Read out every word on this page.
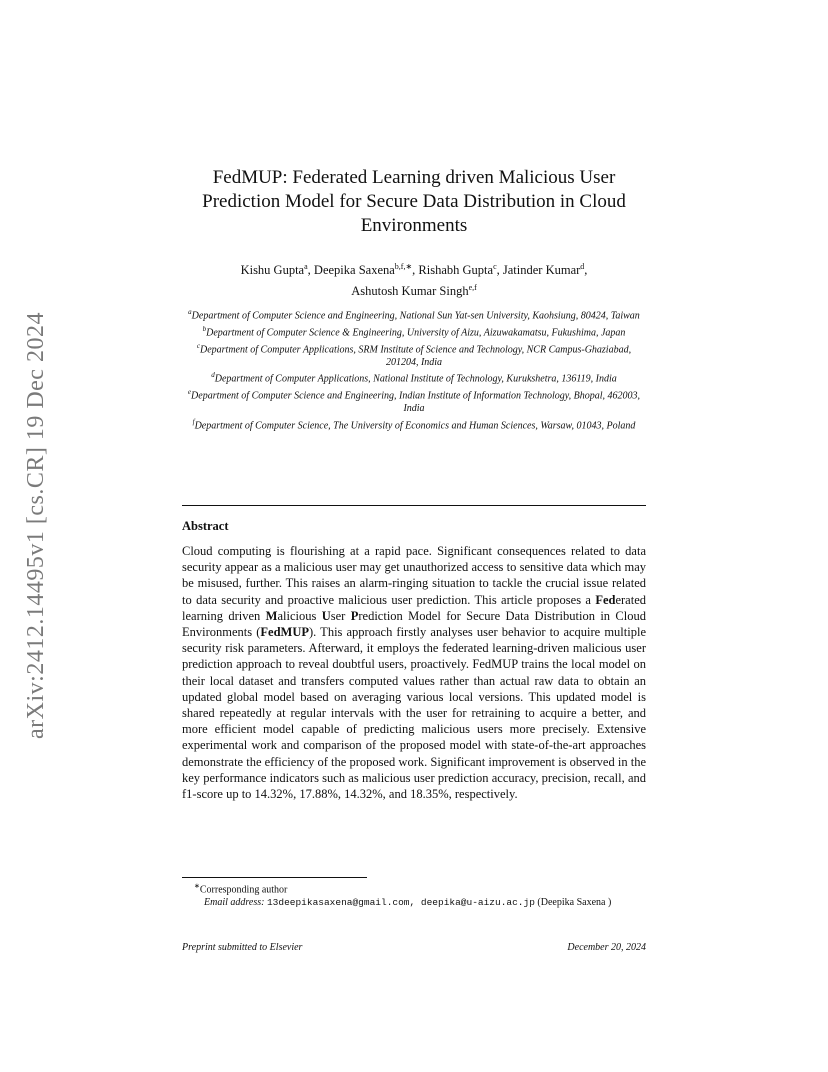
arXiv:2412.14495v1 [cs.CR] 19 Dec 2024
FedMUP: Federated Learning driven Malicious User
Prediction Model for Secure Data Distribution in Cloud
Environments
Kishu Gupta$^a$, Deepika Saxena$^{b,f,∗}$, Rishabh Gupta$^c$, Jatinder Kumar$^d$,
Ashutosh Kumar Singh$^{e,f}$

$^a$Department of Computer Science and Engineering, National Sun Yat-sen University, Kaohsiung, 80424, Taiwan

$^b$Department of Computer Science & Engineering, University of Aizu, Aizuwakamatsu, Fukushima, Japan

$^c$Department of Computer Applications, SRM Institute of Science and Technology, NCR Campus-Ghaziabad, 201204, India

$^d$Department of Computer Applications, National Institute of Technology, Kurukshetra, 136119, India

$^e$Department of Computer Science and Engineering, Indian Institute of Information Technology, Bhopal, 462003, India

$^f$Department of Computer Science, The University of Economics and Human Sciences, Warsaw, 01043, Poland

Abstract
Cloud computing is flourishing at a rapid pace. Significant consequences related to data security appear as a malicious user may get unauthorized access to sensitive data which may be misused, further. This raises an alarm-ringing situation to tackle the crucial issue related to data security and proactive malicious user prediction. This article proposes a Federated learning driven Malicious User Prediction Model for Secure Data Distribution in Cloud Environments (FedMUP). This approach firstly analyses user behavior to acquire multiple security risk parameters. Afterward, it employs the federated learning-driven malicious user prediction approach to reveal doubtful users, proactively. FedMUP trains the local model on their local dataset and transfers computed values rather than actual raw data to obtain an updated global model based on averaging various local versions. This updated model is shared repeatedly at regular intervals with the user for retraining to acquire a better, and more efficient model capable of predicting malicious users more precisely. Extensive experimental work and comparison of the proposed model with state-of-the-art approaches demonstrate the efficiency of the proposed work. Significant improvement is observed in the key performance indicators such as malicious user prediction accuracy, precision, recall, and f1-score up to 14.32%, 17.88%, 14.32%, and 18.35%, respectively.
∗Corresponding author
Email address: 13deepikasaxena@gmail.com, deepika@u-aizu.ac.jp (Deepika Saxena )
Preprint submitted to Elsevier	December 20, 2024
